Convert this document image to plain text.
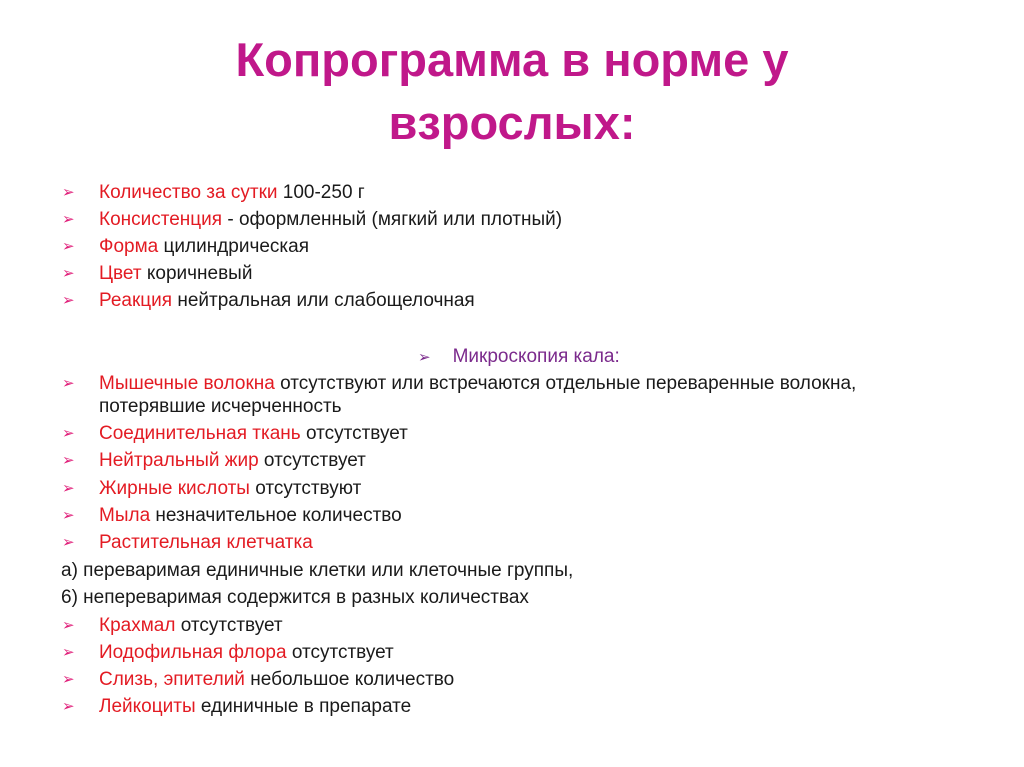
Копрограмма в норме у
взрослых:
➢ Количество за сутки 100-250 г
➢ Консистенция - оформленный (мягкий или плотный)
➢ Форма цилиндрическая
➢ Цвет коричневый
➢ Реакция нейтральная или слабощелочная
➢ Микроскопия кала:
➢ Мышечные волокна отсутствуют или встречаются отдельные переваренные волокна,
потерявшие исчерченность
➢ Соединительная ткань отсутствует
➢ Нейтральный жир отсутствует
➢ Жирные кислоты отсутствуют
➢ Мыла незначительное количество
➢ Растительная клетчатка
а) переваримая единичные клетки или клеточные группы,
6) непереваримая содержится в разных количествах
➢ Крахмал отсутствует
➢ Иодофильная флора отсутствует
➢ Слизь, эпителий небольшое количество
➢ Лейкоциты единичные в препарате
